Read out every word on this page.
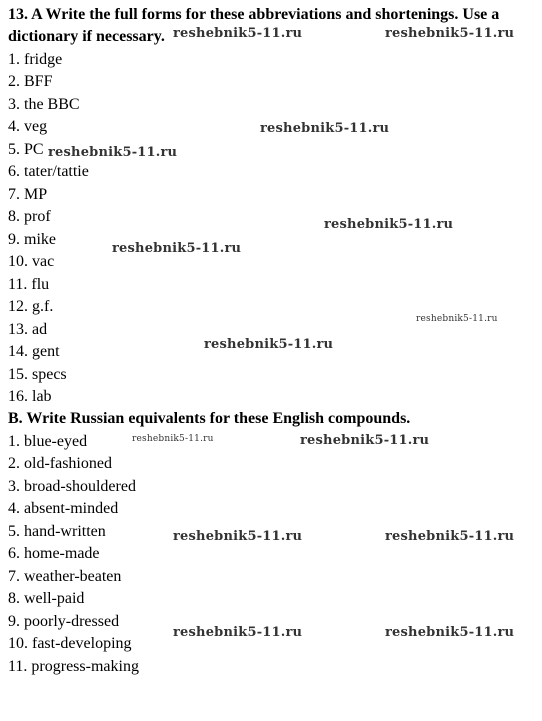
13. A Write the full forms for these abbreviations and shortenings. Use a
dictionary if necessary.
1. fridge
2. BFF
3. the BBC
4. veg
5. PC
6. tater/tattie
7. MP
8. prof
9. mike
10. vac
11. flu
12. g.f.
13. ad
14. gent
15. specs
16. lab
B. Write Russian equivalents for these English compounds.
1. blue-eyed
2. old-fashioned
3. broad-shouldered
4. absent-minded
5. hand-written
6. home-made
7. weather-beaten
8. well-paid
9. poorly-dressed
10. fast-developing
11. progress-making
reshebnik5-11.ru	reshebnik5-11.ru
reshebnik5-11.ru
reshebnik5-11.ru
reshebnik5-11.ru
reshebnik5-11.ru
reshebnik5-11.ru
reshebnik5-11.ru
reshebnik5-11.ru	reshebnik5-11.ru
reshebnik5-11.ru	reshebnik5-11.ru
reshebnik5-11.ru	reshebnik5-11.ru
